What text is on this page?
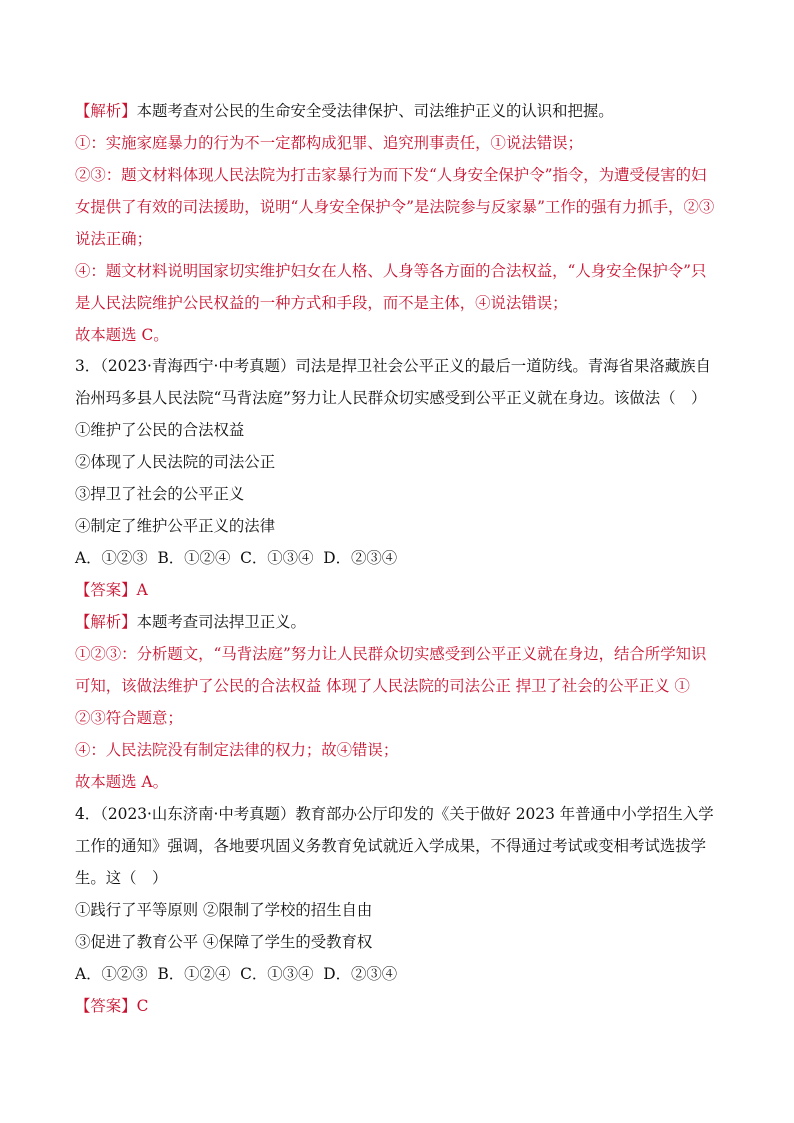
【解析】本题考查对公民的生命安全受法律保护、司法维护正义的认识和把握。
①：实施家庭暴力的行为不一定都构成犯罪、追究刑事责任，①说法错误；
②③：题文材料体现人民法院为打击家暴行为而下发“人身安全保护令”指令，为遭受侵害的妇
女提供了有效的司法援助，说明“人身安全保护令”是法院参与反家暴”工作的强有力抓手，②③
说法正确；
④：题文材料说明国家切实维护妇女在人格、人身等各方面的合法权益，“人身安全保护令”只
是人民法院维护公民权益的一种方式和手段，而不是主体，④说法错误；
故本题选 C。
3．（2023·青海西宁·中考真题）司法是捍卫社会公平正义的最后一道防线。青海省果洛藏族自
治州玛多县人民法院“马背法庭”努力让人民群众切实感受到公平正义就在身边。该做法（　）
①维护了公民的合法权益
②体现了人民法院的司法公正
③捍卫了社会的公平正义
④制定了维护公平正义的法律
A．①②③  B．①②④  C．①③④  D．②③④
【答案】A
【解析】本题考查司法捍卫正义。
①②③：分析题文，“马背法庭”努力让人民群众切实感受到公平正义就在身边，结合所学知识
可知，该做法维护了公民的合法权益 体现了人民法院的司法公正 捍卫了社会的公平正义 ①
②③符合题意；
④：人民法院没有制定法律的权力；故④错误；
故本题选 A。
4．（2023·山东济南·中考真题）教育部办公厅印发的《关于做好 2023 年普通中小学招生入学
工作的通知》强调，各地要巩固义务教育免试就近入学成果，不得通过考试或变相考试选拔学
生。这（　）
①践行了平等原则 ②限制了学校的招生自由
③促进了教育公平 ④保障了学生的受教育权
A．①②③  B．①②④  C．①③④  D．②③④
【答案】C
